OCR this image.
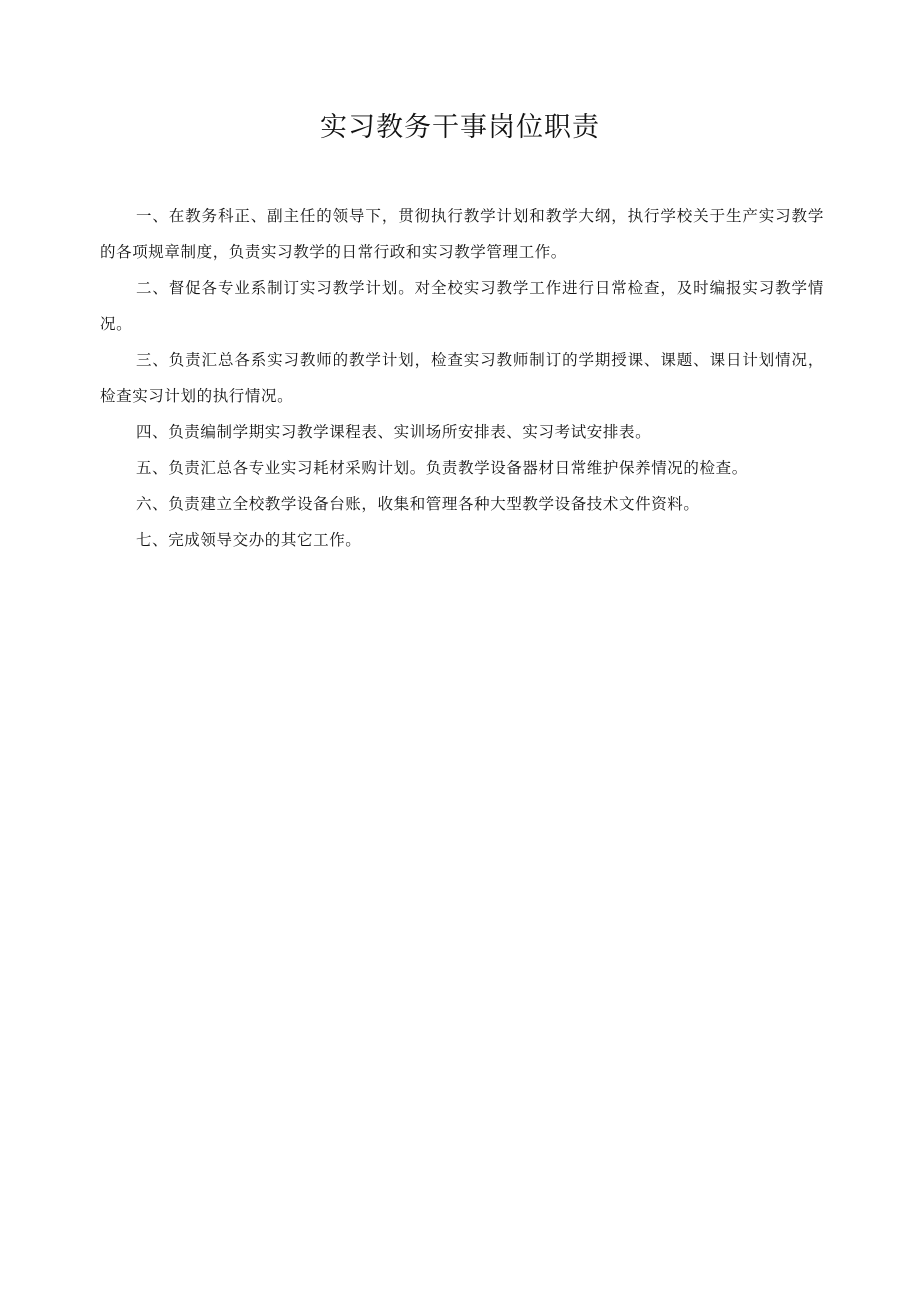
实习教务干事岗位职责

一、在教务科正、副主任的领导下，贯彻执行教学计划和教学大纲，执行学校关于生产实习教学的各项规章制度，负责实习教学的日常行政和实习教学管理工作。

二、督促各专业系制订实习教学计划。对全校实习教学工作进行日常检查，及时编报实习教学情况。

三、负责汇总各系实习教师的教学计划，检查实习教师制订的学期授课、课题、课日计划情况，检查实习计划的执行情况。

四、负责编制学期实习教学课程表、实训场所安排表、实习考试安排表。

五、负责汇总各专业实习耗材采购计划。负责教学设备器材日常维护保养情况的检查。

六、负责建立全校教学设备台账，收集和管理各种大型教学设备技术文件资料。

七、完成领导交办的其它工作。
